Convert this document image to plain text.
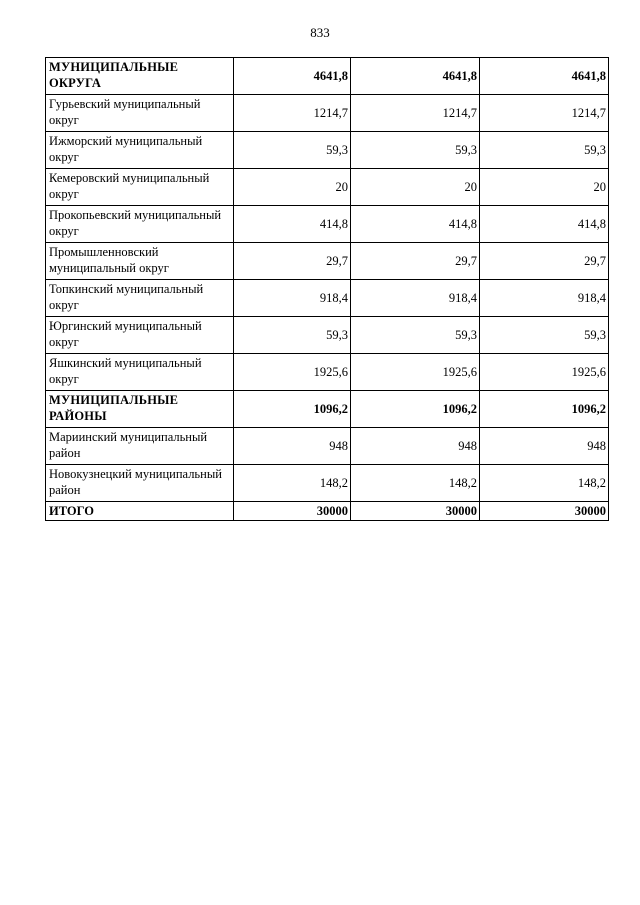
833
МУНИЦИПАЛЬНЫЕ ОКРУГА	4641,8	4641,8	4641,8
Гурьевский муниципальный округ	1214,7	1214,7	1214,7
Ижморский муниципальный округ	59,3	59,3	59,3
Кемеровский муниципальный округ	20	20	20
Прокопьевский муниципальный округ	414,8	414,8	414,8
Промышленновский муниципальный округ	29,7	29,7	29,7
Топкинский муниципальный округ	918,4	918,4	918,4
Юргинский муниципальный округ	59,3	59,3	59,3
Яшкинский муниципальный округ	1925,6	1925,6	1925,6
МУНИЦИПАЛЬНЫЕ РАЙОНЫ	1096,2	1096,2	1096,2
Мариинский муниципальный район	948	948	948
Новокузнецкий муниципальный район	148,2	148,2	148,2
ИТОГО	30000	30000	30000
